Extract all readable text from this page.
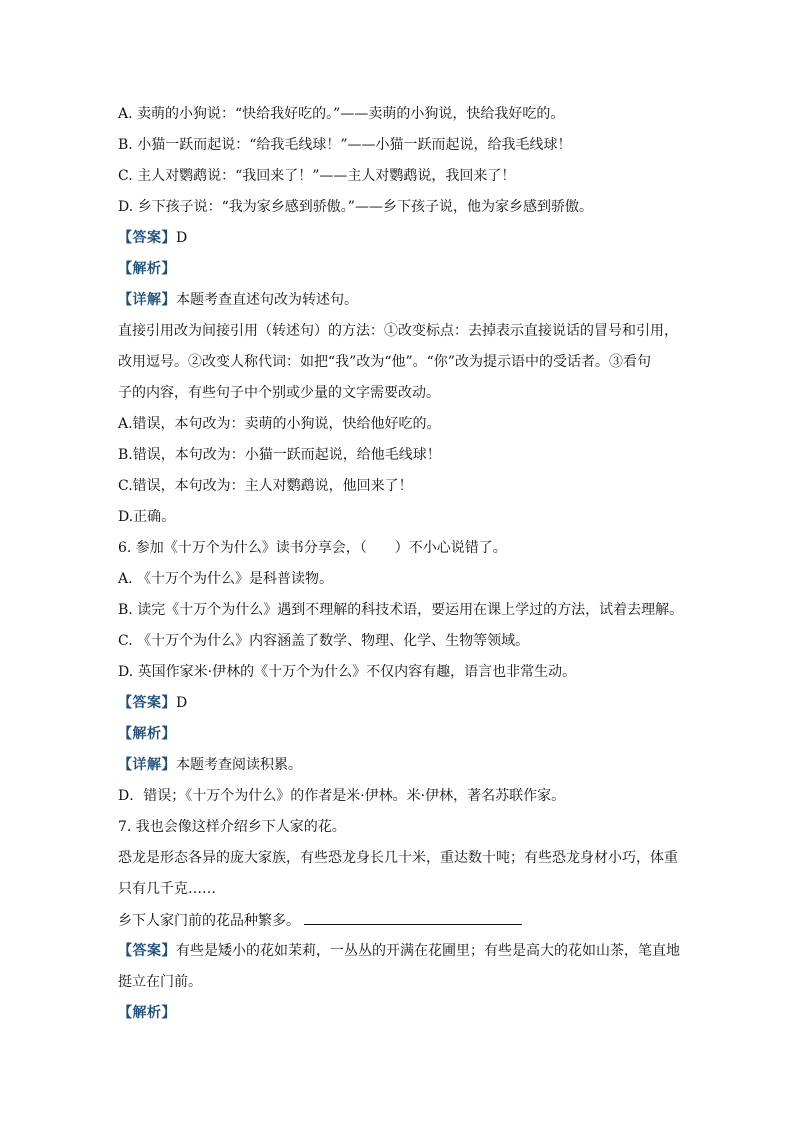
A. 卖萌的小狗说：“快给我好吃的。”——卖萌的小狗说，快给我好吃的。
B. 小猫一跃而起说：“给我毛线球！”——小猫一跃而起说，给我毛线球！
C. 主人对鹦鹉说：“我回来了！”——主人对鹦鹉说，我回来了！
D. 乡下孩子说：“我为家乡感到骄傲。”——乡下孩子说，他为家乡感到骄傲。
【答案】D
【解析】
【详解】本题考查直述句改为转述句。
直接引用改为间接引用（转述句）的方法：①改变标点：去掉表示直接说话的冒号和引用，
改用逗号。②改变人称代词：如把“我”改为“他”。“你”改为提示语中的受话者。③看句
子的内容，有些句子中个别或少量的文字需要改动。
A.错误，本句改为：卖萌的小狗说，快给他好吃的。
B.错误，本句改为：小猫一跃而起说，给他毛线球！
C.错误，本句改为：主人对鹦鹉说，他回来了！
D.正确。
6. 参加《十万个为什么》读书分享会，（　　）不小心说错了。
A. 《十万个为什么》是科普读物。
B. 读完《十万个为什么》遇到不理解的科技术语，要运用在课上学过的方法，试着去理解。
C. 《十万个为什么》内容涵盖了数学、物理、化学、生物等领域。
D. 英国作家米·伊林的《十万个为什么》不仅内容有趣，语言也非常生动。
【答案】D
【解析】
【详解】本题考查阅读积累。
D．错误；《十万个为什么》的作者是米·伊林。米·伊林，著名苏联作家。
7. 我也会像这样介绍乡下人家的花。
恐龙是形态各异的庞大家族，有些恐龙身长几十米，重达数十吨；有些恐龙身材小巧，体重
只有几千克……
乡下人家门前的花品种繁多。
【答案】有些是矮小的花如茉莉，一丛丛的开满在花圃里；有些是高大的花如山茶，笔直地
挺立在门前。
【解析】
